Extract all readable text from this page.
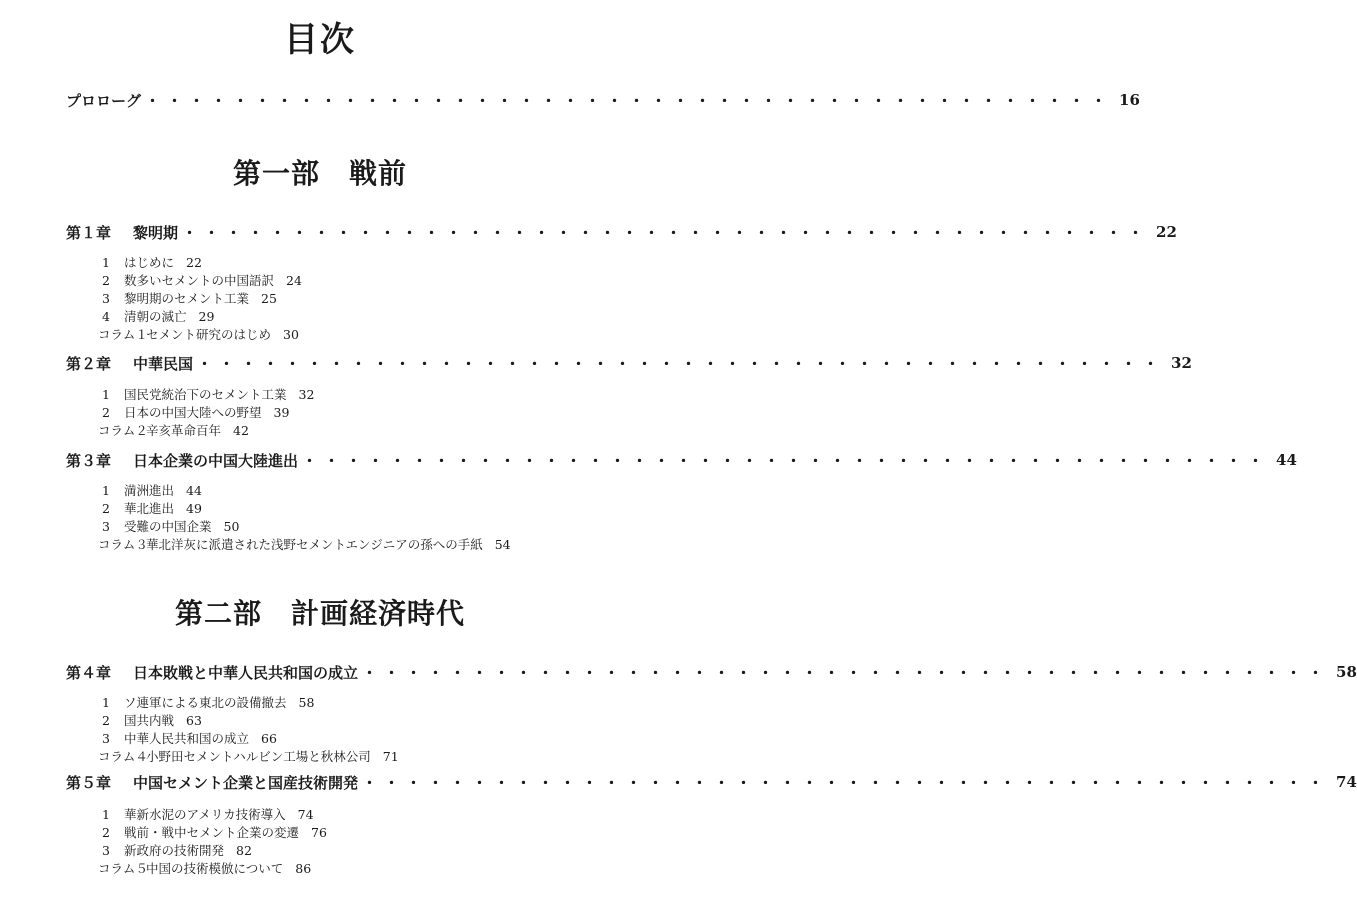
目次
プロローグ ・・・・・・・・・・・・・・・・・・・・・・・・・・・・・・・・・・・・・・・・・・・・ 16
第一部　戦前
第１章 黎明期 ・・・・・・・・・・・・・・・・・・・・・・・・・・・・・・・・・・・・・・・・・・・・ 22
1 はじめに 22
2 数多いセメントの中国語訳 24
3 黎明期のセメント工業 25
4 清朝の滅亡 29
コラム１セメント研究のはじめ 30
第２章 中華民国 ・・・・・・・・・・・・・・・・・・・・・・・・・・・・・・・・・・・・・・・・・・・・ 32
1 国民党統治下のセメント工業 32
2 日本の中国大陸への野望 39
コラム２辛亥革命百年 42
第３章 日本企業の中国大陸進出 ・・・・・・・・・・・・・・・・・・・・・・・・・・・・・・・・・・・・・・・・・・・・ 44
1 満洲進出 44
2 華北進出 49
3 受難の中国企業 50
コラム３華北洋灰に派遣された浅野セメントエンジニアの孫への手紙 54
第二部　計画経済時代
第４章 日本敗戦と中華人民共和国の成立 ・・・・・・・・・・・・・・・・・・・・・・・・・・・・・・・・・・・・・・・・・・・・ 58
1 ソ連軍による東北の設備撤去 58
2 国共内戦 63
3 中華人民共和国の成立 66
コラム４小野田セメントハルビン工場と秋林公司 71
第５章 中国セメント企業と国産技術開発 ・・・・・・・・・・・・・・・・・・・・・・・・・・・・・・・・・・・・・・・・・・・・ 74
1 華新水泥のアメリカ技術導入 74
2 戦前・戦中セメント企業の変遷 76
3 新政府の技術開発 82
コラム５中国の技術模倣について 86
